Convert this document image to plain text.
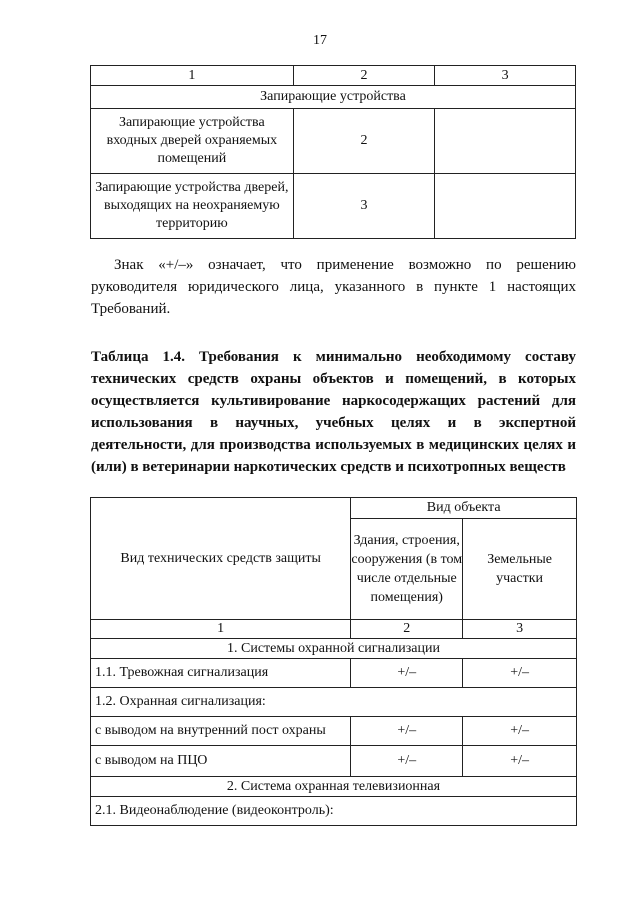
17
1	2	3
Запирающие устройства		
Запирающие устройства входных дверей охраняемых помещений	2	
Запирающие устройства дверей, выходящих на неохраняемую территорию	3	

Знак «+/–» означает, что применение возможно по решению руководителя юридического лица, указанного в пункте 1 настоящих Требований.

Таблица 1.4. Требования к минимально необходимому составу технических средств охраны объектов и помещений, в которых осуществляется культивирование наркосодержащих растений для использования в научных, учебных целях и в экспертной деятельности, для производства используемых в медицинских целях и (или) в ветеринарии наркотических средств и психотропных веществ

Вид технических средств защиты	Вид объекта	
	Здания, строения, сооружения (в том числе отдельные помещения)	Земельные участки
1	2	3
1. Системы охранной сигнализации		
1.1. Тревожная сигнализация	+/–	+/–
1.2. Охранная сигнализация:		
с выводом на внутренний пост охраны	+/–	+/–
с выводом на ПЦО	+/–	+/–
2. Система охранная телевизионная		
2.1. Видеонаблюдение (видеоконтроль):		
